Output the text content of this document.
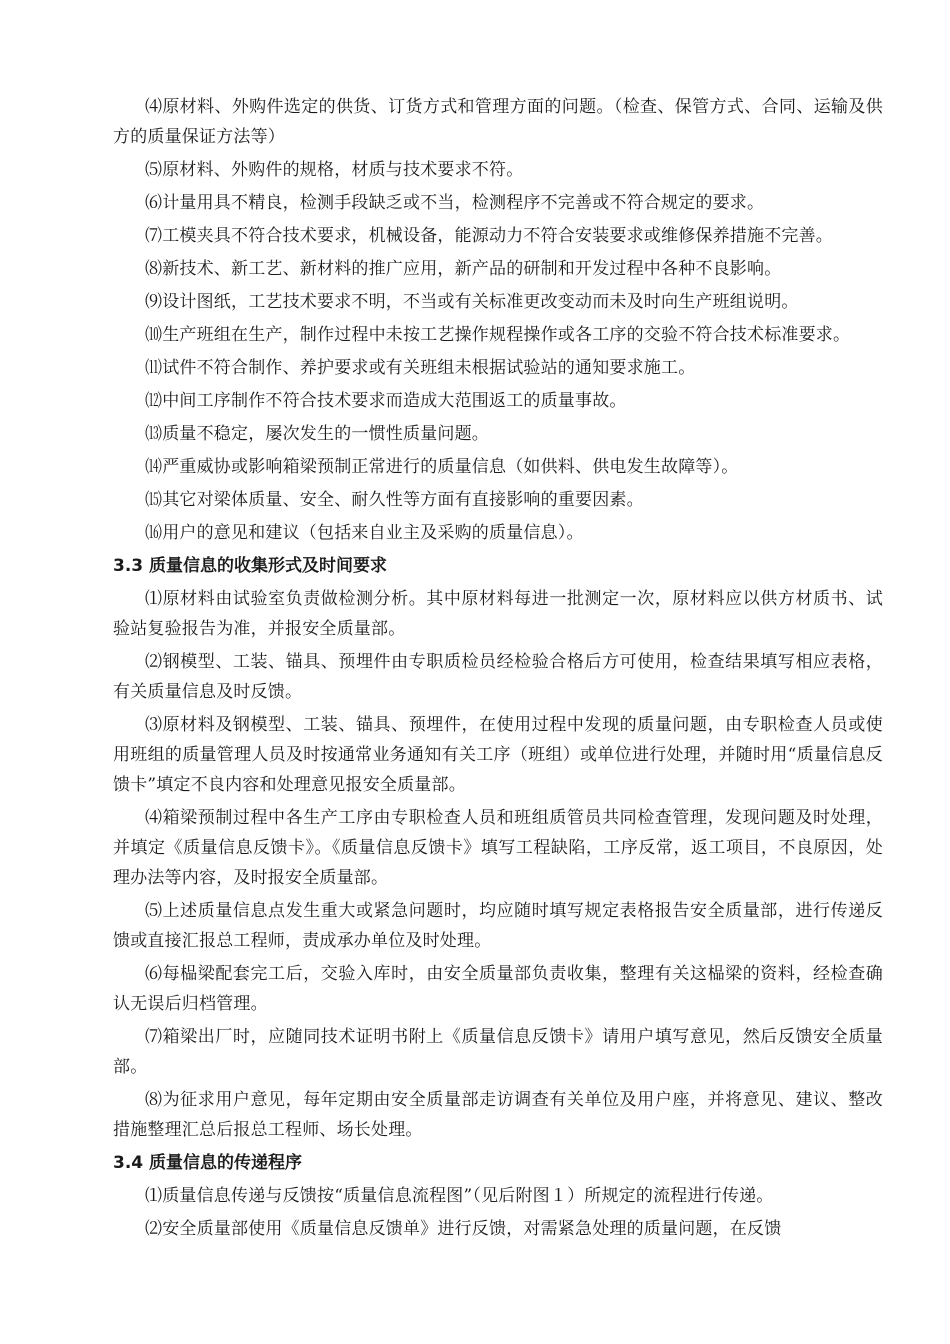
⑷原材料、外购件选定的供货、订货方式和管理方面的问题。（检查、保管方式、合同、运输及供方的质量保证方法等）

⑸原材料、外购件的规格，材质与技术要求不符。

⑹计量用具不精良，检测手段缺乏或不当，检测程序不完善或不符合规定的要求。

⑺工模夹具不符合技术要求，机械设备，能源动力不符合安装要求或维修保养措施不完善。

⑻新技术、新工艺、新材料的推广应用，新产品的研制和开发过程中各种不良影响。

⑼设计图纸，工艺技术要求不明，不当或有关标准更改变动而未及时向生产班组说明。

⑽生产班组在生产，制作过程中未按工艺操作规程操作或各工序的交验不符合技术标准要求。

⑾试件不符合制作、养护要求或有关班组未根据试验站的通知要求施工。

⑿中间工序制作不符合技术要求而造成大范围返工的质量事故。

⒀质量不稳定，屡次发生的一惯性质量问题。

⒁严重威协或影响箱梁预制正常进行的质量信息（如供料、供电发生故障等）。

⒂其它对梁体质量、安全、耐久性等方面有直接影响的重要因素。

⒃用户的意见和建议（包括来自业主及采购的质量信息）。

3.3 质量信息的收集形式及时间要求

⑴原材料由试验室负责做检测分析。其中原材料每进一批测定一次，原材料应以供方材质书、试验站复验报告为准，并报安全质量部。

⑵钢模型、工装、锚具、预埋件由专职质检员经检验合格后方可使用，检查结果填写相应表格，有关质量信息及时反馈。

⑶原材料及钢模型、工装、锚具、预埋件，在使用过程中发现的质量问题，由专职检查人员或使用班组的质量管理人员及时按通常业务通知有关工序（班组）或单位进行处理，并随时用“质量信息反馈卡”填定不良内容和处理意见报安全质量部。

⑷箱梁预制过程中各生产工序由专职检查人员和班组质管员共同检查管理，发现问题及时处理，并填定《质量信息反馈卡》。《质量信息反馈卡》填写工程缺陷，工序反常，返工项目，不良原因，处理办法等内容，及时报安全质量部。

⑸上述质量信息点发生重大或紧急问题时，均应随时填写规定表格报告安全质量部，进行传递反馈或直接汇报总工程师，责成承办单位及时处理。

⑹每榀梁配套完工后，交验入库时，由安全质量部负责收集，整理有关这榀梁的资料，经检查确认无误后归档管理。

⑺箱梁出厂时，应随同技术证明书附上《质量信息反馈卡》请用户填写意见，然后反馈安全质量部。

⑻为征求用户意见，每年定期由安全质量部走访调查有关单位及用户座，并将意见、建议、整改措施整理汇总后报总工程师、场长处理。

3.4 质量信息的传递程序

⑴质量信息传递与反馈按“质量信息流程图”（见后附图１）所规定的流程进行传递。

⑵安全质量部使用《质量信息反馈单》进行反馈，对需紧急处理的质量问题，在反馈
